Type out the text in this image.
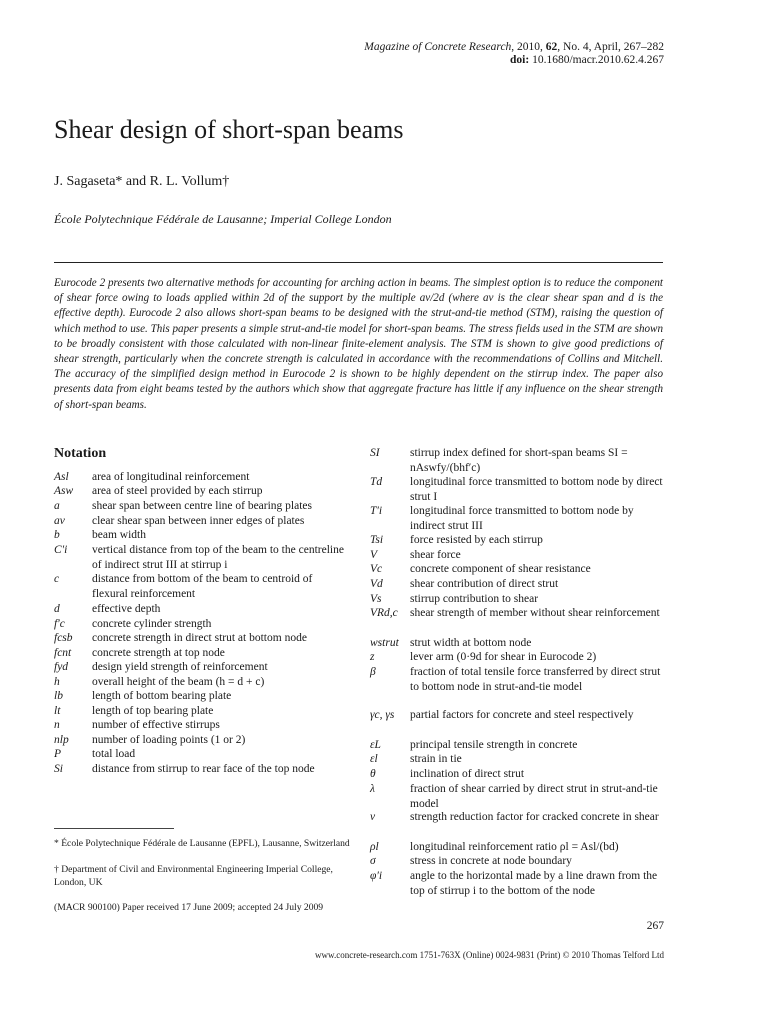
Magazine of Concrete Research, 2010, 62, No. 4, April, 267–282
doi: 10.1680/macr.2010.62.4.267
Shear design of short-span beams
J. Sagaseta* and R. L. Vollum†
École Polytechnique Fédérale de Lausanne; Imperial College London
Eurocode 2 presents two alternative methods for accounting for arching action in beams. The simplest option is to reduce the component of shear force owing to loads applied within 2d of the support by the multiple av/2d (where av is the clear shear span and d is the effective depth). Eurocode 2 also allows short-span beams to be designed with the strut-and-tie method (STM), raising the question of which method to use. This paper presents a simple strut-and-tie model for short-span beams. The stress fields used in the STM are shown to be broadly consistent with those calculated with non-linear finite-element analysis. The STM is shown to give good predictions of shear strength, particularly when the concrete strength is calculated in accordance with the recommendations of Collins and Mitchell. The accuracy of the simplified design method in Eurocode 2 is shown to be highly dependent on the stirrup index. The paper also presents data from eight beams tested by the authors which show that aggregate fracture has little if any influence on the shear strength of short-span beams.
Notation
Asl area of longitudinal reinforcement
Asw area of steel provided by each stirrup
a	shear span between centre line of bearing plates
av clear shear span between inner edges of plates
b	beam width
C′i vertical distance from top of the beam to the centreline of indirect strut III at stirrup i
c	distance from bottom of the beam to centroid of flexural reinforcement
d	effective depth
f′c concrete cylinder strength
fcsb concrete strength in direct strut at bottom node
fcnt concrete strength at top node
fyd design yield strength of reinforcement
h	overall height of the beam (h = d + c)
lb	length of bottom bearing plate
lt	length of top bearing plate
n	number of effective stirrups
nlp number of loading points (1 or 2)
P	total load
Si	distance from stirrup to rear face of the top node
SI	stirrup index defined for short-span beams SI = nAswfy/(bhf′c)
Td longitudinal force transmitted to bottom node by direct strut I
T′i longitudinal force transmitted to bottom node by indirect strut III
Tsi force resisted by each stirrup
V	shear force
Vc concrete component of shear resistance
Vd shear contribution of direct strut
Vs stirrup contribution to shear
VRd,c shear strength of member without shear reinforcement
wstrut strut width at bottom node
z	lever arm (0·9d for shear in Eurocode 2)
β	fraction of total tensile force transferred by direct strut to bottom node in strut-and-tie model
γc, γs partial factors for concrete and steel respectively
εL	principal tensile strength in concrete
εl	strain in tie
θ	inclination of direct strut
λ	fraction of shear carried by direct strut in strut-and-tie model
ν	strength reduction factor for cracked concrete in shear
ρl	longitudinal reinforcement ratio ρl = Asl/(bd)
σ	stress in concrete at node boundary
φ′i angle to the horizontal made by a line drawn from the top of stirrup i to the bottom of the node
* École Polytechnique Fédérale de Lausanne (EPFL), Lausanne, Switzerland
† Department of Civil and Environmental Engineering Imperial College, London, UK
(MACR 900100) Paper received 17 June 2009; accepted 24 July 2009
267
www.concrete-research.com 1751-763X (Online) 0024-9831 (Print) © 2010 Thomas Telford Ltd
